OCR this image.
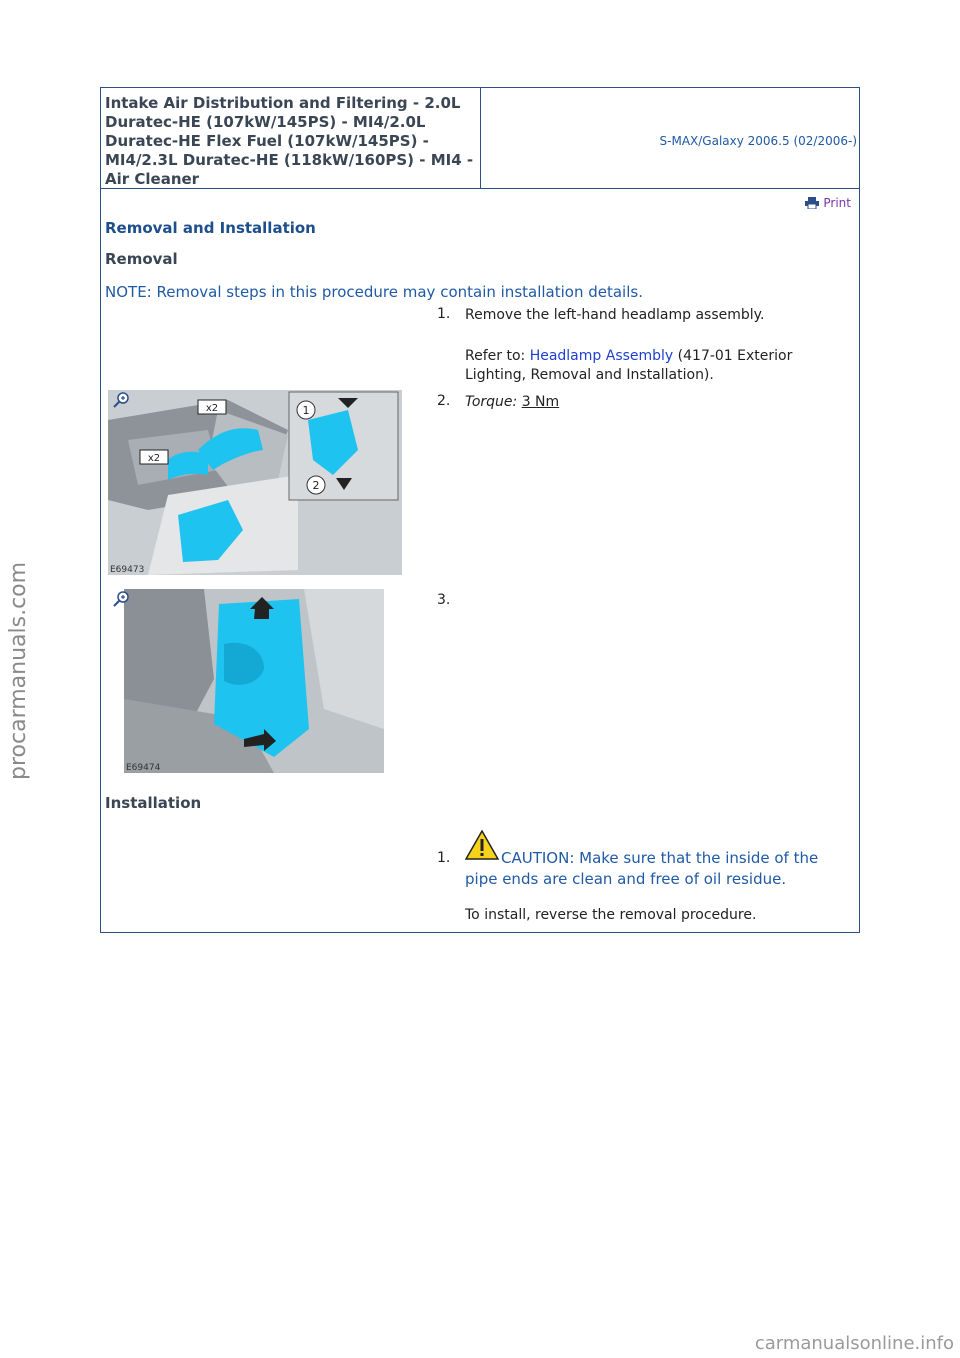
Intake Air Distribution and Filtering - 2.0L Duratec-HE (107kW/145PS) - MI4/2.0L Duratec-HE Flex Fuel (107kW/145PS) - MI4/2.3L Duratec-HE (118kW/160PS) - MI4 - Air Cleaner
S-MAX/Galaxy 2006.5 (02/2006-)
Print
Removal and Installation
Removal
NOTE: Removal steps in this procedure may contain installation details.
1. Remove the left-hand headlamp assembly.
Refer to: Headlamp Assembly (417-01 Exterior Lighting, Removal and Installation).
2. Torque: 3 Nm
x2
x2
1
2
E69473
3.
E69474
Installation
1.	CAUTION: Make sure that the inside of the pipe ends are clean and free of oil residue.
To install, reverse the removal procedure.
procarmanuals.com
carmanualsonline.info
